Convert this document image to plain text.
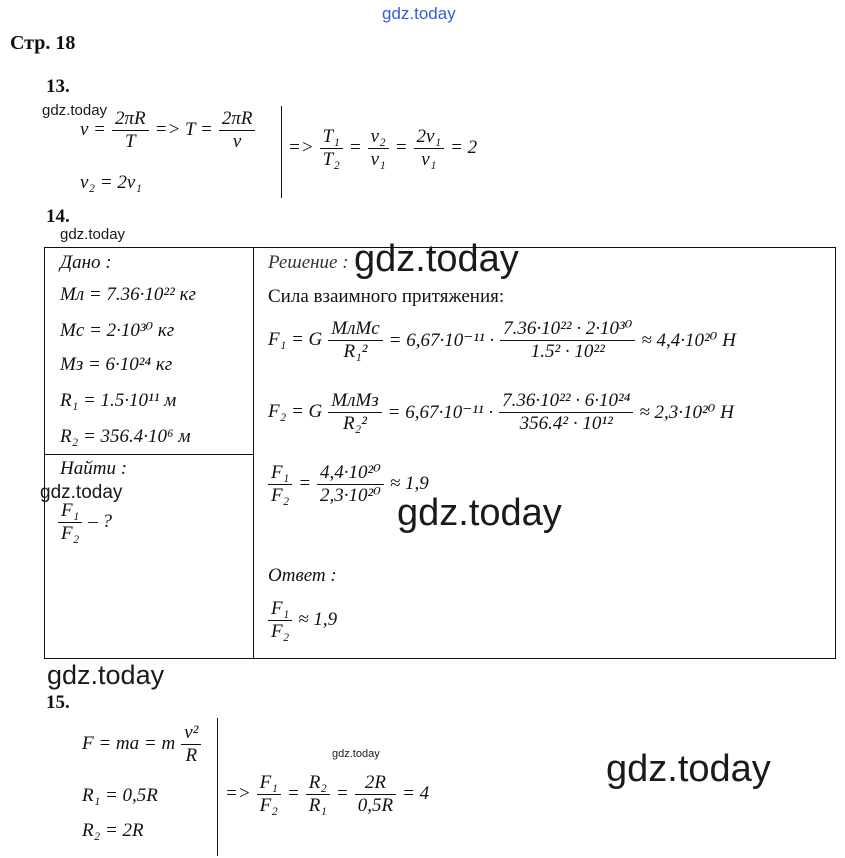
gdz.today
gdz.today
gdz.today
gdz.today
gdz.today	gdz.today
gdz.today
gdz.today	gdz.today
Стр. 18
13.
$v = \frac{2\pi R}{T} => T = \frac{2\pi R}{v}$
v₂ = 2v₁
=> $\frac{\text{T₁}}{\text{T₂}} = \frac{\text{v₂}}{\text{v₁}} = \frac{\text{2v₁}}{\text{v₁}} = 2$
14.
Дано :
Mл = 7.36·10²² кг
Mс = 2·10³⁰ кг
Mз = 6·10²⁴ кг
R₁ = 1.5·10¹¹ м
R₂ = 356.4·10⁶ м
Найти :
$\frac{\text{F₁}}{\text{F₂}}$ – ?
Решение :
Сила взаимного притяжения:
F₁ = G $\frac{\text{MлMс}}{\text{R₁²}} = 6,67\cdot 10^{-11} \cdot \frac{\text{7.36·10²² · 2·10³⁰}}{\text{1.5² · 10²²}} \approx 4,4\cdot 10^{20}$ Н
F₂ = G $\frac{\text{MлMз}}{\text{R₂²}} = 6,67\cdot 10^{-11} \cdot \frac{\text{7.36·10²² · 6·10²⁴}}{\text{356.4² · 10¹²}} \approx 2,3\cdot 10^{20}$ Н
$\frac{\text{F₁}}{\text{F₂}} = \frac{\text{4,4·10²⁰}}{\text{2,3·10²⁰}} \approx 1,9$
Ответ :
$\frac{\text{F₁}}{\text{F₂}} \approx 1,9$
15.
F = ma = m $\frac{\text{v²}}{R}$
R₁ = 0,5R
R₂ = 2R
=> $\frac{\text{F₁}}{\text{F₂}} = \frac{\text{R₂}}{\text{R₁}} = \frac{2R}{0,5R} = 4$
